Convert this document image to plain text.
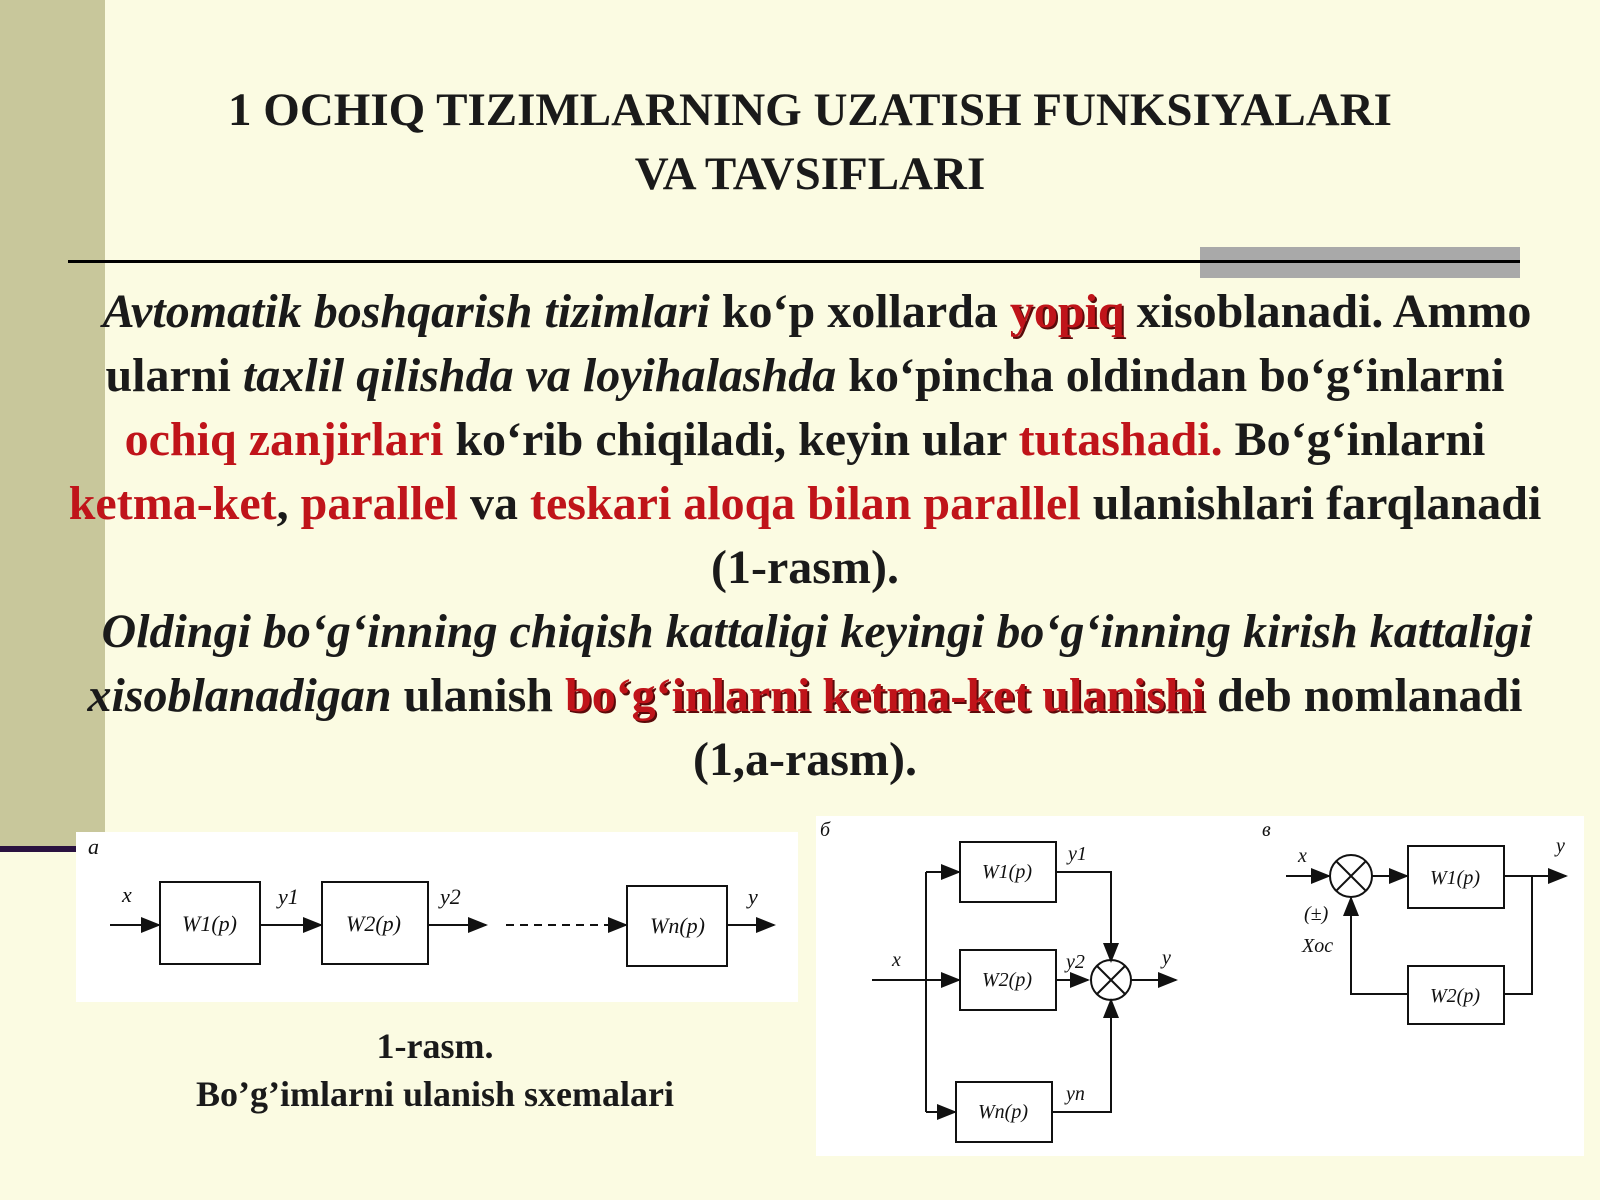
1 OCHIQ TIZIMLARNING UZATISH FUNKSIYALARI
VA TAVSIFLARI
Avtomatik boshqarish tizimlari ko‘p xollarda yopiq xisoblanadi. Ammo ularni taxlil qilishda va loyihalashda ko‘pincha oldindan bo‘g‘inlarni ochiq zanjirlari ko‘rib chiqiladi, keyin ular tutashadi. Bo‘g‘inlarni ketma-ket, parallel va teskari aloqa bilan parallel ulanishlari farqlanadi (1-rasm).
Oldingi bo‘g‘inning chiqish kattaligi keyingi bo‘g‘inning kirish kattaligi xisoblanadigan ulanish bo‘g‘inlarni ketma-ket ulanishi deb nomlanadi (1,a-rasm).
a
x
W1(p)	W2(p)	Wn(p)
y1	y2	y
б
x
W1(p)
W2(p)
Wn(p)
y1
y2
yn
y
в
x
W1(p)
W2(p)
(±)
Xoc
y
1-rasm.
Bo’g’imlarni ulanish sxemalari
